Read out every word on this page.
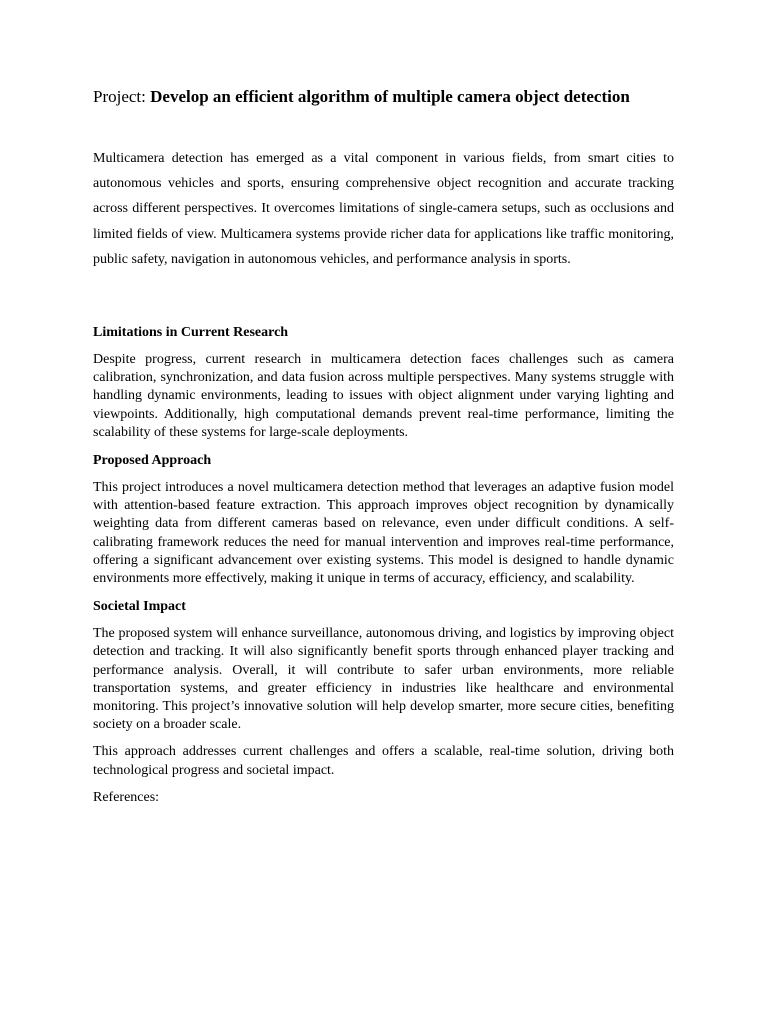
Project: Develop an efficient algorithm of multiple camera object detection

Multicamera detection has emerged as a vital component in various fields, from smart cities to autonomous vehicles and sports, ensuring comprehensive object recognition and accurate tracking across different perspectives. It overcomes limitations of single-camera setups, such as occlusions and limited fields of view. Multicamera systems provide richer data for applications like traffic monitoring, public safety, navigation in autonomous vehicles, and performance analysis in sports.

Limitations in Current Research

Despite progress, current research in multicamera detection faces challenges such as camera calibration, synchronization, and data fusion across multiple perspectives. Many systems struggle with handling dynamic environments, leading to issues with object alignment under varying lighting and viewpoints. Additionally, high computational demands prevent real-time performance, limiting the scalability of these systems for large-scale deployments.

Proposed Approach

This project introduces a novel multicamera detection method that leverages an adaptive fusion model with attention-based feature extraction. This approach improves object recognition by dynamically weighting data from different cameras based on relevance, even under difficult conditions. A self-calibrating framework reduces the need for manual intervention and improves real-time performance, offering a significant advancement over existing systems. This model is designed to handle dynamic environments more effectively, making it unique in terms of accuracy, efficiency, and scalability.

Societal Impact

The proposed system will enhance surveillance, autonomous driving, and logistics by improving object detection and tracking. It will also significantly benefit sports through enhanced player tracking and performance analysis. Overall, it will contribute to safer urban environments, more reliable transportation systems, and greater efficiency in industries like healthcare and environmental monitoring. This project’s innovative solution will help develop smarter, more secure cities, benefiting society on a broader scale.

This approach addresses current challenges and offers a scalable, real-time solution, driving both technological progress and societal impact.

References:
